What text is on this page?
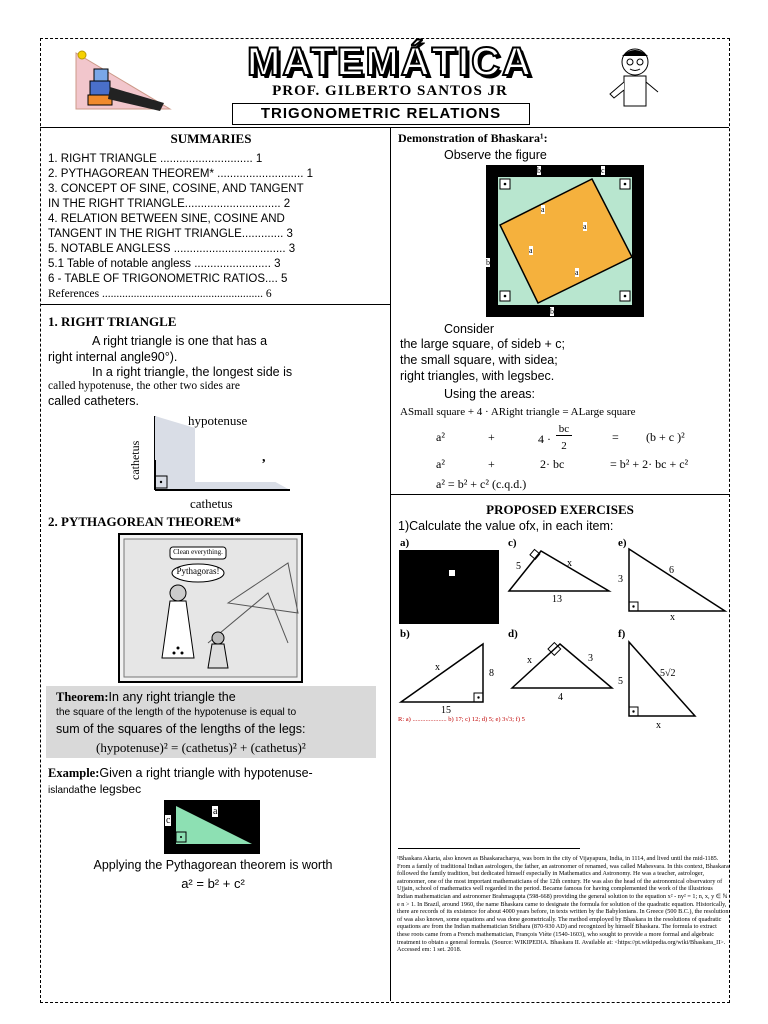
MATEMÁTICA
PROF. GILBERTO SANTOS JR
TRIGONOMETRIC RELATIONS
SUMMARIES
1. RIGHT TRIANGLE ............................. 1
2. PYTHAGOREAN THEOREM* ........................... 1
3. CONCEPT OF SINE, COSINE, AND TANGENT
IN THE RIGHT TRIANGLE.............................. 2
4. RELATION BETWEEN SINE, COSINE AND
TANGENT IN THE RIGHT TRIANGLE............. 3
5. NOTABLE ANGLESS ................................... 3
5.1 Table of notable angless ........................ 3
6 - TABLE OF TRIGONOMETRIC RATIOS.... 5
References ........................................................ 6
1. RIGHT TRIANGLE
A right triangle is one that has a
right internal angle90°).
In a right triangle, the longest side is
called hypotenuse, the other two sides are
called catheters.
hypotenuse
cathetus
cathetus
,
2. PYTHAGOREAN THEOREM*
Clean everything.
Pythagoras!
Theorem:In any right triangle the
the square of the length of the hypotenuse is equal to
sum of the squares of the lengths of the legs:
(hypotenuse)² = (cathetus)² + (cathetus)²
Example:Given a right triangle with hypotenuse-
islandathe legsbec
a
c
Applying the Pythagorean theorem is worth
a² = b² + c²
Demonstration of Bhaskara¹:
Observe the figure
b	c
b
b
a
a
a
a
Consider
the large square, of sideb + c;
the small square, with sidea;
right triangles, with legsbec.
Using the areas:
ASmall square + 4 · ARight triangle = ALarge square
a²	+	4 ·
bc
2
= (b + c )²
a²	+	2· bc	= b² + 2· bc + c²
a² = b² + c² (c.q.d.)
PROPOSED EXERCISES
1)Calculate the value ofx, in each item:
a)	c)
5	x
13
e)
3
6
x
b)
x
8
15
d)
x	3
4
f)
5
5√2
x
R: a) ..................... b) 17; c) 12; d) 5; e) 3√3; f) 5
¹Bhaskara Akaria, also known as Bhaskaracharya, was born in the city of Vijayapura, India, in 1114, and lived until the mid-1185. From a family of traditional Indian astrologers, the father, an astronomer of renamed, was called Mahesvara. In this context, Bhaskara followed the family tradition, but dedicated himself especially in Mathematics and Astronomy. He was a teacher, astrologer, astronomer, one of the most important mathematicians of the 12th century. He was also the head of the astronomical observatory of Ujjain, school of mathematics well regarded in the period. Became famous for having complemented the work of the illustrious Indian mathematician and astronomer Brahmagupta (598-668) providing the general solution to the equation x² - ny² = 1; n, x, y ∈ ℕ e n > 1. In Brazil, around 1960, the name Bhaskara came to designate the formula for solution of the quadratic equation. Historically, there are records of its existence for about 4000 years before, in texts written by the Babylonians. In Greece (500 B.C.), the resolution of was also known, some equations and was done geometrically. The method employed by Bhaskara in the resolutions of quadratic equations are from the Indian mathematician Sridhara (870-930 AD) and recognized by himself Bhaskara. The formula to extract these roots came from a French mathematician, François Viète (1540-1603), who sought to provide a more formal and algebraic treatment to obtain a general formula. (Source: WIKIPEDIA. Bhaskara II. Available at: <https://pt.wikipedia.org/wiki/Bhaskara_II>. Accessed em: 1 set. 2018.
